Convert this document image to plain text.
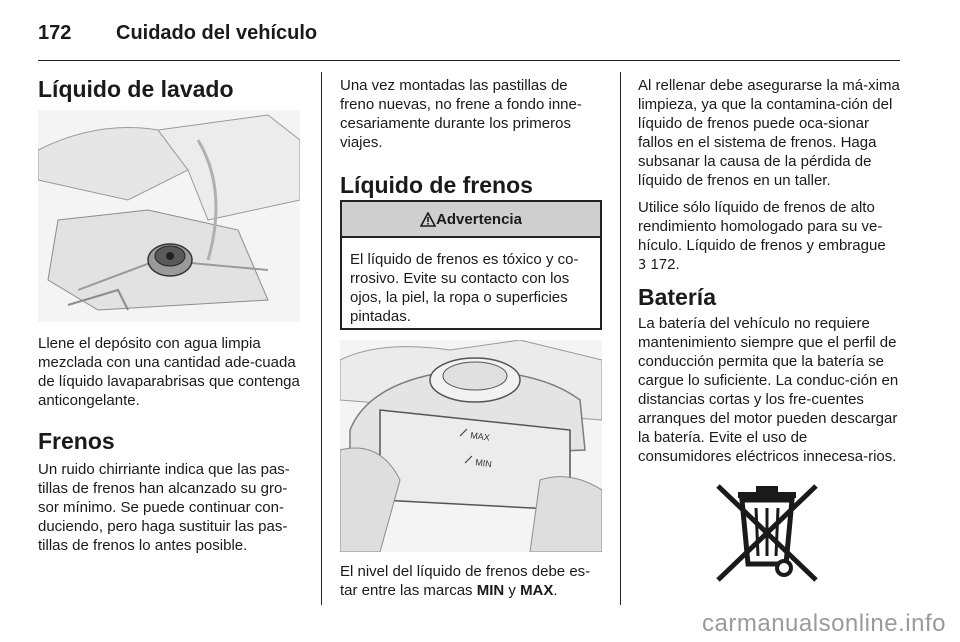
172 Cuidado del vehículo
Líquido de lavado

Llene el depósito con agua limpia mezclada con una cantidad ade-cuada de líquido lavaparabrisas que contenga anticongelante.

Frenos

Un ruido chirriante indica que las pas-tillas de frenos han alcanzado su gro-sor mínimo. Se puede continuar con-duciendo, pero haga sustituir las pas-tillas de frenos lo antes posible.

Una vez montadas las pastillas de freno nuevas, no frene a fondo inne-cesariamente durante los primeros viajes.

Líquido de frenos
Advertencia
El líquido de frenos es tóxico y co-rrosivo. Evite su contacto con los ojos, la piel, la ropa o superficies pintadas.
MAX
MIN

El nivel del líquido de frenos debe es-tar entre las marcas MIN y MAX.

Al rellenar debe asegurarse la má-xima limpieza, ya que la contamina-ción del líquido de frenos puede oca-sionar fallos en el sistema de frenos. Haga subsanar la causa de la pérdida de líquido de frenos en un taller.

Utilice sólo líquido de frenos de alto rendimiento homologado para su ve-hículo. Líquido de frenos y embrague
3 172.

Batería

La batería del vehículo no requiere mantenimiento siempre que el perfil de conducción permita que la batería se cargue lo suficiente. La conduc-ción en distancias cortas y los fre-cuentes arranques del motor pueden descargar la batería. Evite el uso de consumidores eléctricos innecesa-rios.

carmanualsonline.info
